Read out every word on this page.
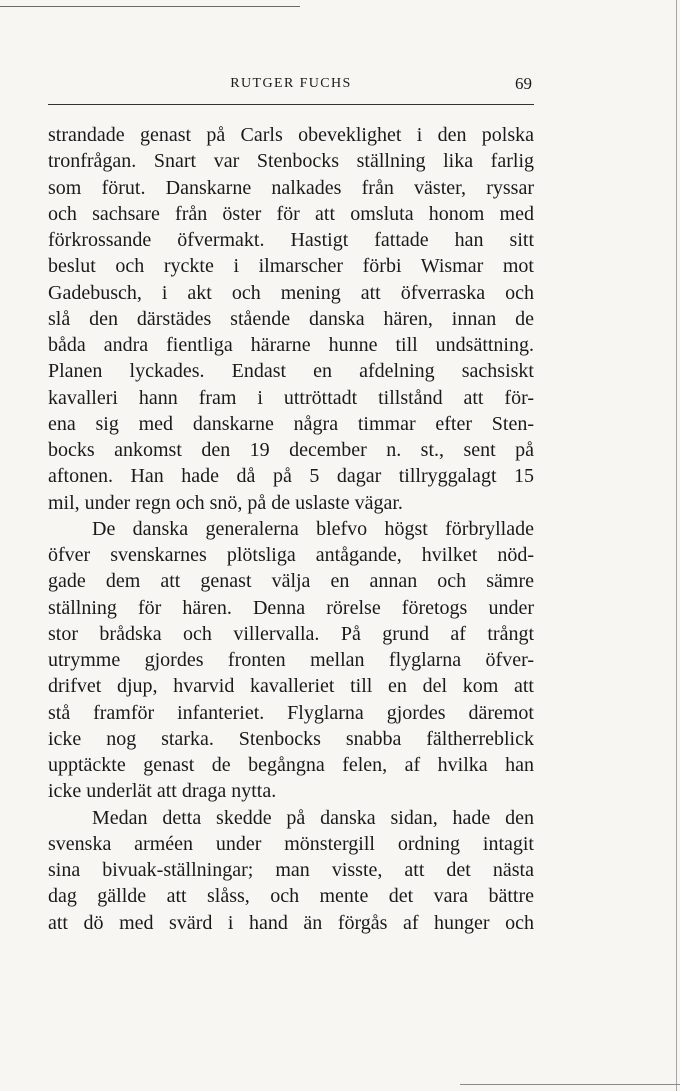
RUTGER FUCHS	69
strandade genast på Carls obeveklighet i den polska
tronfrågan. Snart var Stenbocks ställning lika farlig
som förut. Danskarne nalkades från väster, ryssar
och sachsare från öster för att omsluta honom med
förkrossande öfvermakt. Hastigt fattade han sitt
beslut och ryckte i ilmarscher förbi Wismar mot
Gadebusch, i akt och mening att öfverraska och
slå den därstädes stående danska hären, innan de
båda andra fientliga härarne hunne till undsättning.
Planen lyckades. Endast en afdelning sachsiskt
kavalleri hann fram i uttröttadt tillstånd att för-
ena sig med danskarne några timmar efter Sten-
bocks ankomst den 19 december n. st., sent på
aftonen. Han hade då på 5 dagar tillryggalagt 15
mil, under regn och snö, på de uslaste vägar.
De danska generalerna blefvo högst förbryllade
öfver svenskarnes plötsliga antågande, hvilket nöd-
gade dem att genast välja en annan och sämre
ställning för hären. Denna rörelse företogs under
stor brådska och villervalla. På grund af trångt
utrymme gjordes fronten mellan flyglarna öfver-
drifvet djup, hvarvid kavalleriet till en del kom att
stå framför infanteriet. Flyglarna gjordes däremot
icke nog starka. Stenbocks snabba fältherreblick
upptäckte genast de begångna felen, af hvilka han
icke underlät att draga nytta.
Medan detta skedde på danska sidan, hade den
svenska arméen under mönstergill ordning intagit
sina bivuak-ställningar; man visste, att det nästa
dag gällde att slåss, och mente det vara bättre
att dö med svärd i hand än förgås af hunger och
